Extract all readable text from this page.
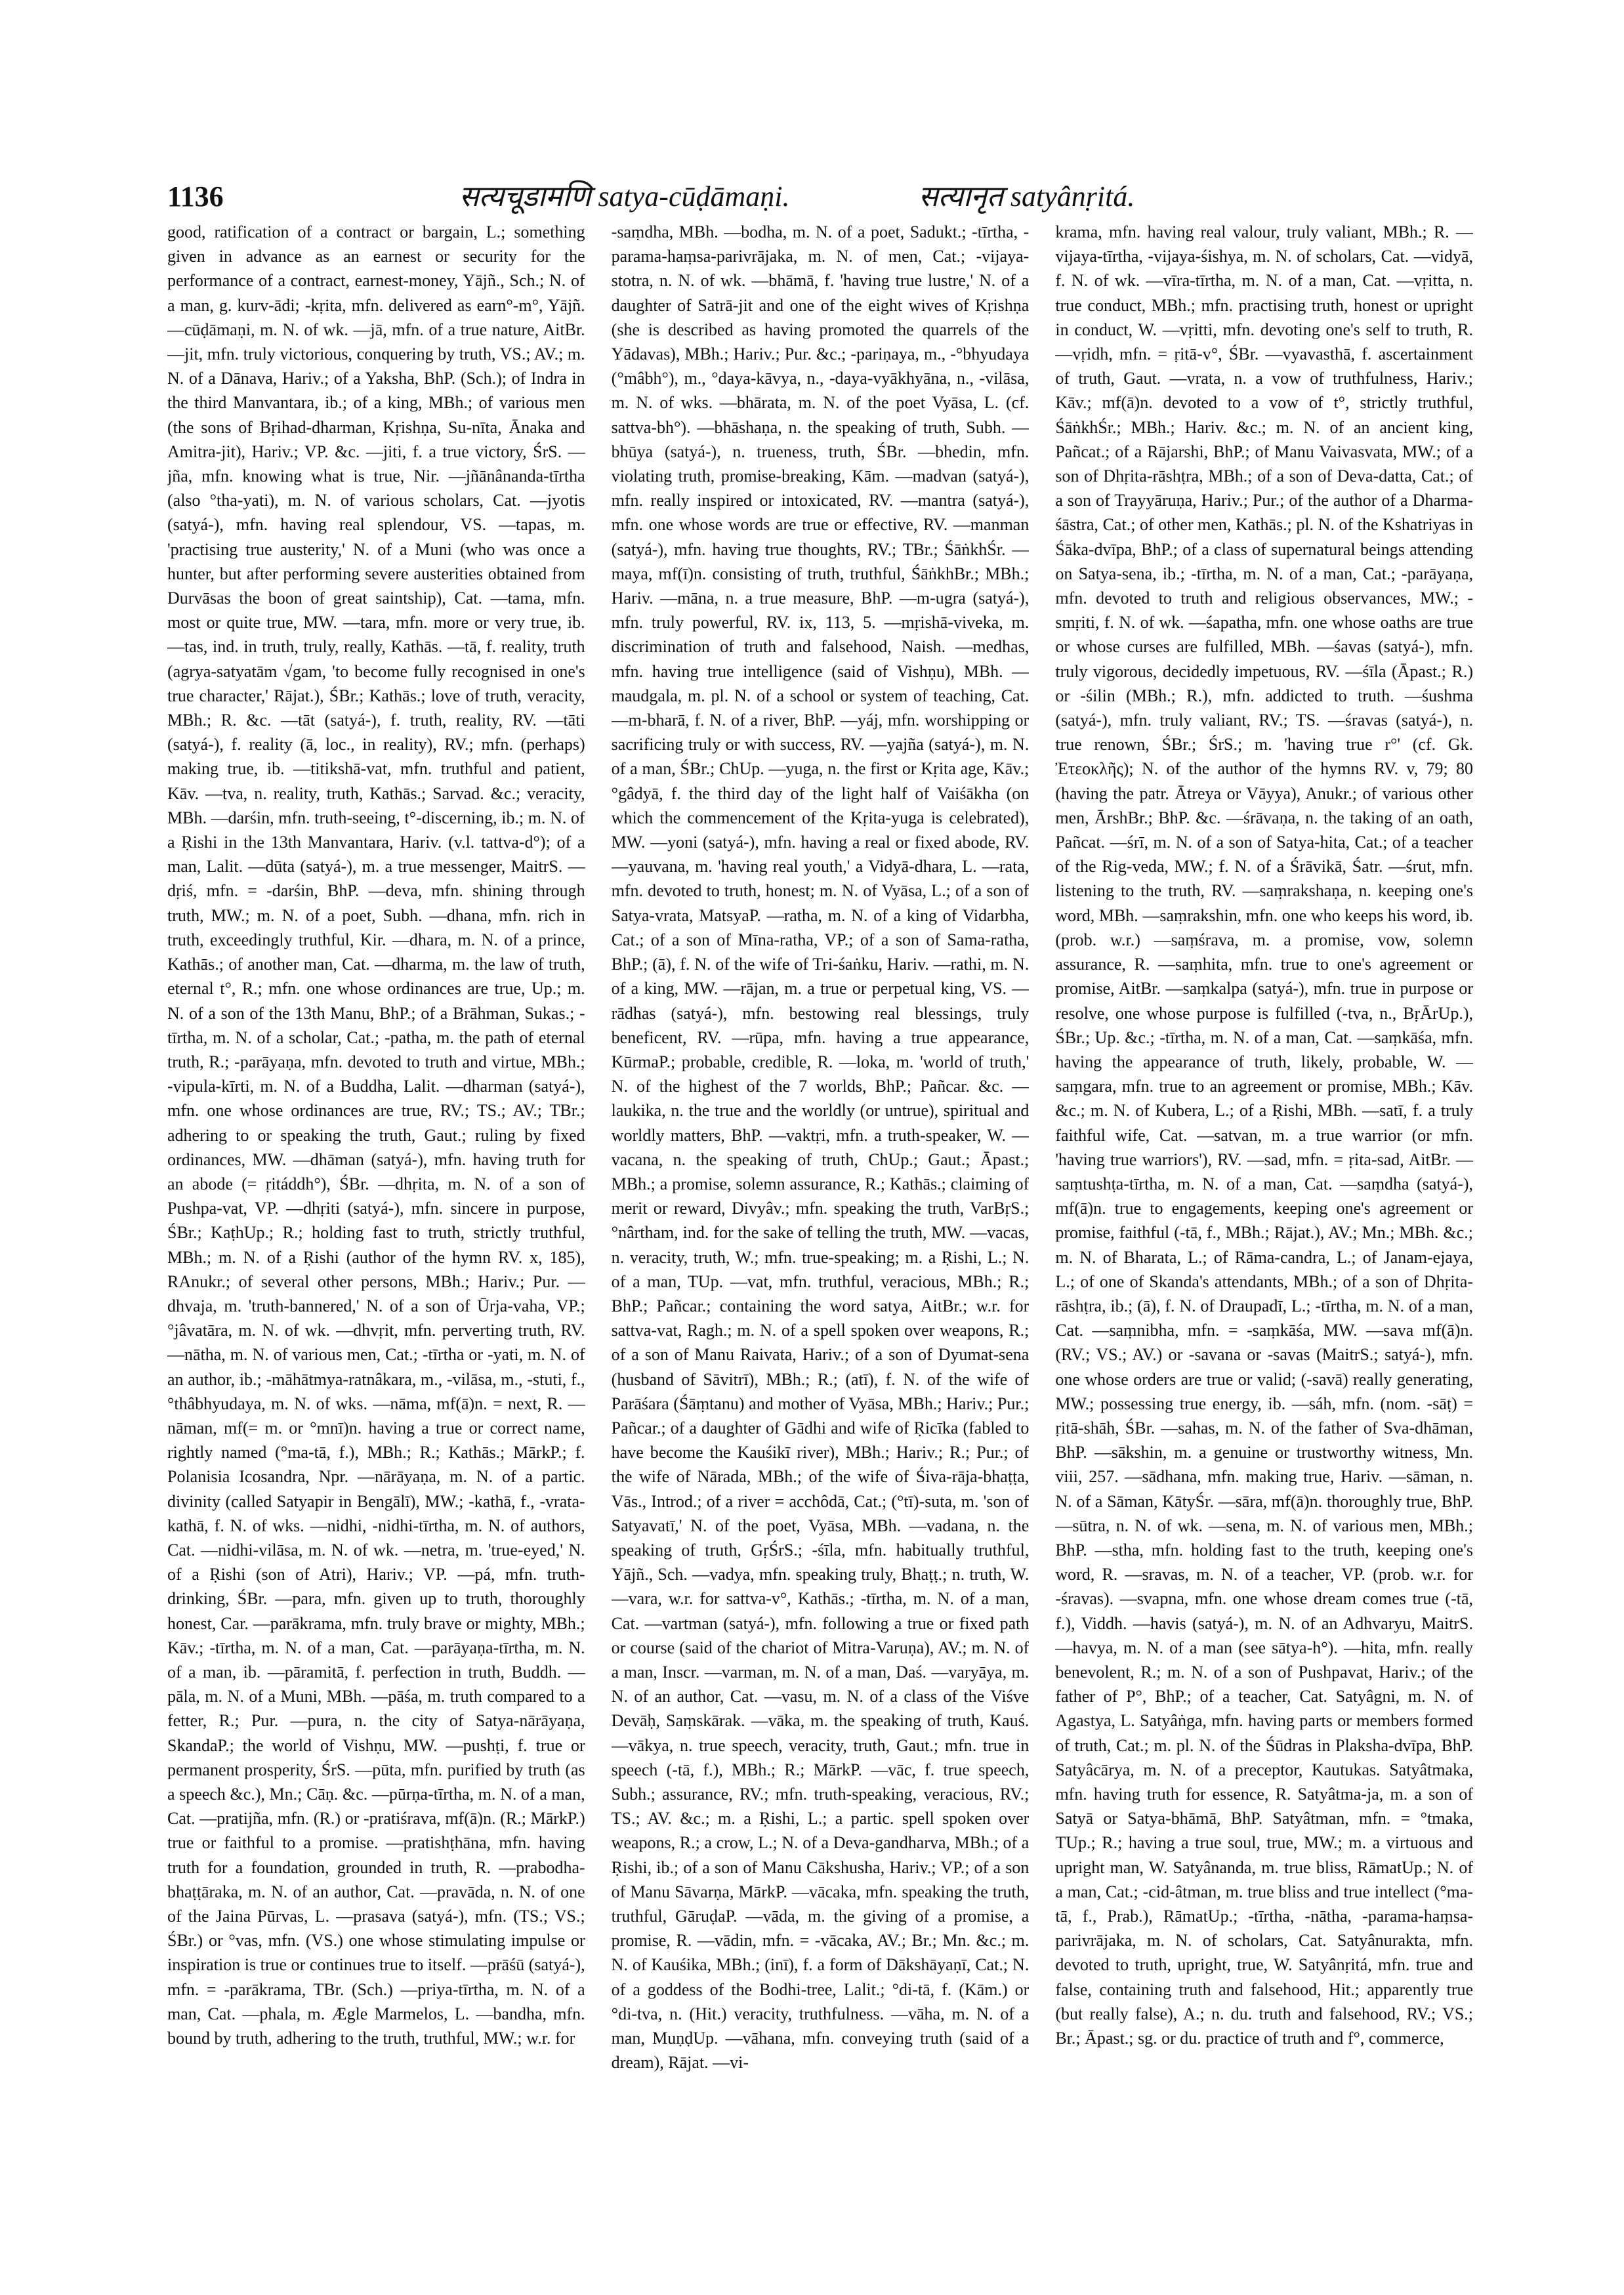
1136	सत्यचूडामणि satya-cūḍāmaṇi.	सत्यानृत satyânṛitá.

good, ratification of a contract or bargain, L.; something given in advance as an earnest or security for the performance of a contract, earnest-money, Yājñ., Sch.; N. of a man, g. kurv-ādi; -kṛita, mfn. delivered as earn°-m°, Yājñ. —cūḍāmaṇi, m. N. of wk. —jā, mfn. of a true nature, AitBr. —jit, mfn. truly victorious, conquering by truth, VS.; AV.; m. N. of a Dānava, Hariv.; of a Yaksha, BhP. (Sch.); of Indra in the third Manvantara, ib.; of a king, MBh.; of various men (the sons of Bṛihad-dharman, Kṛishṇa, Su-nīta, Ānaka and Amitra-jit), Hariv.; VP. &c. —jiti, f. a true victory, ŚrS. —jña, mfn. knowing what is true, Nir. —jñānânanda-tīrtha (also °tha-yati), m. N. of various scholars, Cat. —jyotis (satyá-), mfn. having real splendour, VS. —tapas, m. 'practising true austerity,' N. of a Muni (who was once a hunter, but after performing severe austerities obtained from Durvāsas the boon of great saintship), Cat. —tama, mfn. most or quite true, MW. —tara, mfn. more or very true, ib. —tas, ind. in truth, truly, really, Kathās. —tā, f. reality, truth (agrya-satyatām √gam, 'to become fully recognised in one's true character,' Rājat.), ŚBr.; Kathās.; love of truth, veracity, MBh.; R. &c. —tāt (satyá-), f. truth, reality, RV. —tāti (satyá-), f. reality (ā, loc., in reality), RV.; mfn. (perhaps) making true, ib. —titikshā-vat, mfn. truthful and patient, Kāv. —tva, n. reality, truth, Kathās.; Sarvad. &c.; veracity, MBh. —darśin, mfn. truth-seeing, t°-discerning, ib.; m. N. of a Ṛishi in the 13th Manvantara, Hariv. (v.l. tattva-d°); of a man, Lalit. —dūta (satyá-), m. a true messenger, MaitrS. —dṛiś, mfn. = -darśin, BhP. —deva, mfn. shining through truth, MW.; m. N. of a poet, Subh. —dhana, mfn. rich in truth, exceedingly truthful, Kir. —dhara, m. N. of a prince, Kathās.; of another man, Cat. —dharma, m. the law of truth, eternal t°, R.; mfn. one whose ordinances are true, Up.; m. N. of a son of the 13th Manu, BhP.; of a Brāhman, Sukas.; -tīrtha, m. N. of a scholar, Cat.; -patha, m. the path of eternal truth, R.; -parāyaṇa, mfn. devoted to truth and virtue, MBh.; -vipula-kīrti, m. N. of a Buddha, Lalit. —dharman (satyá-), mfn. one whose ordinances are true, RV.; TS.; AV.; TBr.; adhering to or speaking the truth, Gaut.; ruling by fixed ordinances, MW. —dhāman (satyá-), mfn. having truth for an abode (= ṛitáddh°), ŚBr. —dhṛita, m. N. of a son of Pushpa-vat, VP. —dhṛiti (satyá-), mfn. sincere in purpose, ŚBr.; KaṭhUp.; R.; holding fast to truth, strictly truthful, MBh.; m. N. of a Ṛishi (author of the hymn RV. x, 185), RAnukr.; of several other persons, MBh.; Hariv.; Pur. —dhvaja, m. 'truth-bannered,' N. of a son of Ūrja-vaha, VP.; °jâvatāra, m. N. of wk. —dhvṛit, mfn. perverting truth, RV. —nātha, m. N. of various men, Cat.; -tīrtha or -yati, m. N. of an author, ib.; -māhātmya-ratnâkara, m., -vilāsa, m., -stuti, f., °thâbhyudaya, m. N. of wks. —nāma, mf(ā)n. = next, R. —nāman, mf(= m. or °mnī)n. having a true or correct name, rightly named (°ma-tā, f.), MBh.; R.; Kathās.; MārkP.; f. Polanisia Icosandra, Npr. —nārāyaṇa, m. N. of a partic. divinity (called Satyapir in Bengālī), MW.; -kathā, f., -vrata-kathā, f. N. of wks. —nidhi, -nidhi-tīrtha, m. N. of authors, Cat. —nidhi-vilāsa, m. N. of wk. —netra, m. 'true-eyed,' N. of a Ṛishi (son of Atri), Hariv.; VP. —pá, mfn. truth-drinking, ŚBr. —para, mfn. given up to truth, thoroughly honest, Car. —parākrama, mfn. truly brave or mighty, MBh.; Kāv.; -tīrtha, m. N. of a man, Cat. —parāyaṇa-tīrtha, m. N. of a man, ib. —pāramitā, f. perfection in truth, Buddh. —pāla, m. N. of a Muni, MBh. —pāśa, m. truth compared to a fetter, R.; Pur. —pura, n. the city of Satya-nārāyaṇa, SkandaP.; the world of Vishṇu, MW. —pushṭi, f. true or permanent prosperity, ŚrS. —pūta, mfn. purified by truth (as a speech &c.), Mn.; Cāṇ. &c. —pūrṇa-tīrtha, m. N. of a man, Cat. —pratijña, mfn. (R.) or -pratiśrava, mf(ā)n. (R.; MārkP.) true or faithful to a promise. —pratishṭhāna, mfn. having truth for a foundation, grounded in truth, R. —prabodha-bhaṭṭāraka, m. N. of an author, Cat. —pravāda, n. N. of one of the Jaina Pūrvas, L. —prasava (satyá-), mfn. (TS.; VS.; ŚBr.) or °vas, mfn. (VS.) one whose stimulating impulse or inspiration is true or continues true to itself. —prāśū (satyá-), mfn. = -parākrama, TBr. (Sch.) —priya-tīrtha, m. N. of a man, Cat. —phala, m. Ægle Marmelos, L. —bandha, mfn. bound by truth, adhering to the truth, truthful, MW.; w.r. for

-saṃdha, MBh. —bodha, m. N. of a poet, Sadukt.; -tīrtha, -parama-haṃsa-parivrājaka, m. N. of men, Cat.; -vijaya-stotra, n. N. of wk. —bhāmā, f. 'having true lustre,' N. of a daughter of Satrā-jit and one of the eight wives of Kṛishṇa (she is described as having promoted the quarrels of the Yādavas), MBh.; Hariv.; Pur. &c.; -pariṇaya, m., -°bhyudaya (°mâbh°), m., °daya-kāvya, n., -daya-vyākhyāna, n., -vilāsa, m. N. of wks. —bhārata, m. N. of the poet Vyāsa, L. (cf. sattva-bh°). —bhāshaṇa, n. the speaking of truth, Subh. —bhūya (satyá-), n. trueness, truth, ŚBr. —bhedin, mfn. violating truth, promise-breaking, Kām. —madvan (satyá-), mfn. really inspired or intoxicated, RV. —mantra (satyá-), mfn. one whose words are true or effective, RV. —manman (satyá-), mfn. having true thoughts, RV.; TBr.; ŚāṅkhŚr. —maya, mf(ī)n. consisting of truth, truthful, ŚāṅkhBr.; MBh.; Hariv. —māna, n. a true measure, BhP. —m-ugra (satyá-), mfn. truly powerful, RV. ix, 113, 5. —mṛishā-viveka, m. discrimination of truth and falsehood, Naish. —medhas, mfn. having true intelligence (said of Vishṇu), MBh. —maudgala, m. pl. N. of a school or system of teaching, Cat. —m-bharā, f. N. of a river, BhP. —yáj, mfn. worshipping or sacrificing truly or with success, RV. —yajña (satyá-), m. N. of a man, ŚBr.; ChUp. —yuga, n. the first or Kṛita age, Kāv.; °gâdyā, f. the third day of the light half of Vaiśākha (on which the commencement of the Kṛita-yuga is celebrated), MW. —yoni (satyá-), mfn. having a real or fixed abode, RV. —yauvana, m. 'having real youth,' a Vidyā-dhara, L. —rata, mfn. devoted to truth, honest; m. N. of Vyāsa, L.; of a son of Satya-vrata, MatsyaP. —ratha, m. N. of a king of Vidarbha, Cat.; of a son of Mīna-ratha, VP.; of a son of Sama-ratha, BhP.; (ā), f. N. of the wife of Tri-śaṅku, Hariv. —rathi, m. N. of a king, MW. —rājan, m. a true or perpetual king, VS. —rādhas (satyá-), mfn. bestowing real blessings, truly beneficent, RV. —rūpa, mfn. having a true appearance, KūrmaP.; probable, credible, R. —loka, m. 'world of truth,' N. of the highest of the 7 worlds, BhP.; Pañcar. &c. —laukika, n. the true and the worldly (or untrue), spiritual and worldly matters, BhP. —vaktṛi, mfn. a truth-speaker, W. —vacana, n. the speaking of truth, ChUp.; Gaut.; Āpast.; MBh.; a promise, solemn assurance, R.; Kathās.; claiming of merit or reward, Divyâv.; mfn. speaking the truth, VarBṛS.; °nârtham, ind. for the sake of telling the truth, MW. —vacas, n. veracity, truth, W.; mfn. true-speaking; m. a Ṛishi, L.; N. of a man, TUp. —vat, mfn. truthful, veracious, MBh.; R.; BhP.; Pañcar.; containing the word satya, AitBr.; w.r. for sattva-vat, Ragh.; m. N. of a spell spoken over weapons, R.; of a son of Manu Raivata, Hariv.; of a son of Dyumat-sena (husband of Sāvitrī), MBh.; R.; (atī), f. N. of the wife of Parāśara (Śāṃtanu) and mother of Vyāsa, MBh.; Hariv.; Pur.; Pañcar.; of a daughter of Gādhi and wife of Ṛicīka (fabled to have become the Kauśikī river), MBh.; Hariv.; R.; Pur.; of the wife of Nārada, MBh.; of the wife of Śiva-rāja-bhaṭṭa, Vās., Introd.; of a river = acchôdā, Cat.; (°tī)-suta, m. 'son of Satyavatī,' N. of the poet, Vyāsa, MBh. —vadana, n. the speaking of truth, GṛŚrS.; -śīla, mfn. habitually truthful, Yājñ., Sch. —vadya, mfn. speaking truly, Bhaṭṭ.; n. truth, W. —vara, w.r. for sattva-v°, Kathās.; -tīrtha, m. N. of a man, Cat. —vartman (satyá-), mfn. following a true or fixed path or course (said of the chariot of Mitra-Varuṇa), AV.; m. N. of a man, Inscr. —varman, m. N. of a man, Daś. —varyāya, m. N. of an author, Cat. —vasu, m. N. of a class of the Viśve Devāḥ, Saṃskārak. —vāka, m. the speaking of truth, Kauś. —vākya, n. true speech, veracity, truth, Gaut.; mfn. true in speech (-tā, f.), MBh.; R.; MārkP. —vāc, f. true speech, Subh.; assurance, RV.; mfn. truth-speaking, veracious, RV.; TS.; AV. &c.; m. a Ṛishi, L.; a partic. spell spoken over weapons, R.; a crow, L.; N. of a Deva-gandharva, MBh.; of a Ṛishi, ib.; of a son of Manu Cākshusha, Hariv.; VP.; of a son of Manu Sāvarṇa, MārkP. —vācaka, mfn. speaking the truth, truthful, GāruḍaP. —vāda, m. the giving of a promise, a promise, R. —vādin, mfn. = -vācaka, AV.; Br.; Mn. &c.; m. N. of Kauśika, MBh.; (inī), f. a form of Dākshāyaṇī, Cat.; N. of a goddess of the Bodhi-tree, Lalit.; °di-tā, f. (Kām.) or °di-tva, n. (Hit.) veracity, truthfulness. —vāha, m. N. of a man, MuṇḍUp. —vāhana, mfn. conveying truth (said of a dream), Rājat. —vi-

krama, mfn. having real valour, truly valiant, MBh.; R. —vijaya-tīrtha, -vijaya-śishya, m. N. of scholars, Cat. —vidyā, f. N. of wk. —vīra-tīrtha, m. N. of a man, Cat. —vṛitta, n. true conduct, MBh.; mfn. practising truth, honest or upright in conduct, W. —vṛitti, mfn. devoting one's self to truth, R. —vṛidh, mfn. = ṛitā-v°, ŚBr. —vyavasthā, f. ascertainment of truth, Gaut. —vrata, n. a vow of truthfulness, Hariv.; Kāv.; mf(ā)n. devoted to a vow of t°, strictly truthful, ŚāṅkhŚr.; MBh.; Hariv. &c.; m. N. of an ancient king, Pañcat.; of a Rājarshi, BhP.; of Manu Vaivasvata, MW.; of a son of Dhṛita-rāshṭra, MBh.; of a son of Deva-datta, Cat.; of a son of Trayyāruṇa, Hariv.; Pur.; of the author of a Dharma-śāstra, Cat.; of other men, Kathās.; pl. N. of the Kshatriyas in Śāka-dvīpa, BhP.; of a class of supernatural beings attending on Satya-sena, ib.; -tīrtha, m. N. of a man, Cat.; -parāyaṇa, mfn. devoted to truth and religious observances, MW.; -smṛiti, f. N. of wk. —śapatha, mfn. one whose oaths are true or whose curses are fulfilled, MBh. —śavas (satyá-), mfn. truly vigorous, decidedly impetuous, RV. —śīla (Āpast.; R.) or -śilin (MBh.; R.), mfn. addicted to truth. —śushma (satyá-), mfn. truly valiant, RV.; TS. —śravas (satyá-), n. true renown, ŚBr.; ŚrS.; m. 'having true r°' (cf. Gk. Ἐτεοκλῆς); N. of the author of the hymns RV. v, 79; 80 (having the patr. Ātreya or Vāyya), Anukr.; of various other men, ĀrshBr.; BhP. &c. —śrāvaṇa, n. the taking of an oath, Pañcat. —śrī, m. N. of a son of Satya-hita, Cat.; of a teacher of the Rig-veda, MW.; f. N. of a Śrāvikā, Śatr. —śrut, mfn. listening to the truth, RV. —saṃrakshaṇa, n. keeping one's word, MBh. —saṃrakshin, mfn. one who keeps his word, ib. (prob. w.r.) —saṃśrava, m. a promise, vow, solemn assurance, R. —saṃhita, mfn. true to one's agreement or promise, AitBr. —saṃkalpa (satyá-), mfn. true in purpose or resolve, one whose purpose is fulfilled (-tva, n., BṛĀrUp.), ŚBr.; Up. &c.; -tīrtha, m. N. of a man, Cat. —saṃkāśa, mfn. having the appearance of truth, likely, probable, W. —saṃgara, mfn. true to an agreement or promise, MBh.; Kāv. &c.; m. N. of Kubera, L.; of a Ṛishi, MBh. —satī, f. a truly faithful wife, Cat. —satvan, m. a true warrior (or mfn. 'having true warriors'), RV. —sad, mfn. = ṛita-sad, AitBr. —saṃtushṭa-tīrtha, m. N. of a man, Cat. —saṃdha (satyá-), mf(ā)n. true to engagements, keeping one's agreement or promise, faithful (-tā, f., MBh.; Rājat.), AV.; Mn.; MBh. &c.; m. N. of Bharata, L.; of Rāma-candra, L.; of Janam-ejaya, L.; of one of Skanda's attendants, MBh.; of a son of Dhṛita-rāshṭra, ib.; (ā), f. N. of Draupadī, L.; -tīrtha, m. N. of a man, Cat. —saṃnibha, mfn. = -saṃkāśa, MW. —sava mf(ā)n. (RV.; VS.; AV.) or -savana or -savas (MaitrS.; satyá-), mfn. one whose orders are true or valid; (-savā) really generating, MW.; possessing true energy, ib. —sáh, mfn. (nom. -sāṭ) = ṛitā-shāh, ŚBr. —sahas, m. N. of the father of Sva-dhāman, BhP. —sākshin, m. a genuine or trustworthy witness, Mn. viii, 257. —sādhana, mfn. making true, Hariv. —sāman, n. N. of a Sāman, KātyŚr. —sāra, mf(ā)n. thoroughly true, BhP. —sūtra, n. N. of wk. —sena, m. N. of various men, MBh.; BhP. —stha, mfn. holding fast to the truth, keeping one's word, R. —sravas, m. N. of a teacher, VP. (prob. w.r. for -śravas). —svapna, mfn. one whose dream comes true (-tā, f.), Viddh. —havis (satyá-), m. N. of an Adhvaryu, MaitrS. —havya, m. N. of a man (see sātya-h°). —hita, mfn. really benevolent, R.; m. N. of a son of Pushpavat, Hariv.; of the father of P°, BhP.; of a teacher, Cat. Satyâgni, m. N. of Agastya, L. Satyâṅga, mfn. having parts or members formed of truth, Cat.; m. pl. N. of the Śūdras in Plaksha-dvīpa, BhP. Satyâcārya, m. N. of a preceptor, Kautukas. Satyâtmaka, mfn. having truth for essence, R. Satyâtma-ja, m. a son of Satyā or Satya-bhāmā, BhP. Satyâtman, mfn. = °tmaka, TUp.; R.; having a true soul, true, MW.; m. a virtuous and upright man, W. Satyânanda, m. true bliss, RāmatUp.; N. of a man, Cat.; -cid-âtman, m. true bliss and true intellect (°ma-tā, f., Prab.), RāmatUp.; -tīrtha, -nātha, -parama-haṃsa-parivrājaka, m. N. of scholars, Cat. Satyânurakta, mfn. devoted to truth, upright, true, W. Satyânṛitá, mfn. true and false, containing truth and falsehood, Hit.; apparently true (but really false), A.; n. du. truth and falsehood, RV.; VS.; Br.; Āpast.; sg. or du. practice of truth and f°, commerce,
